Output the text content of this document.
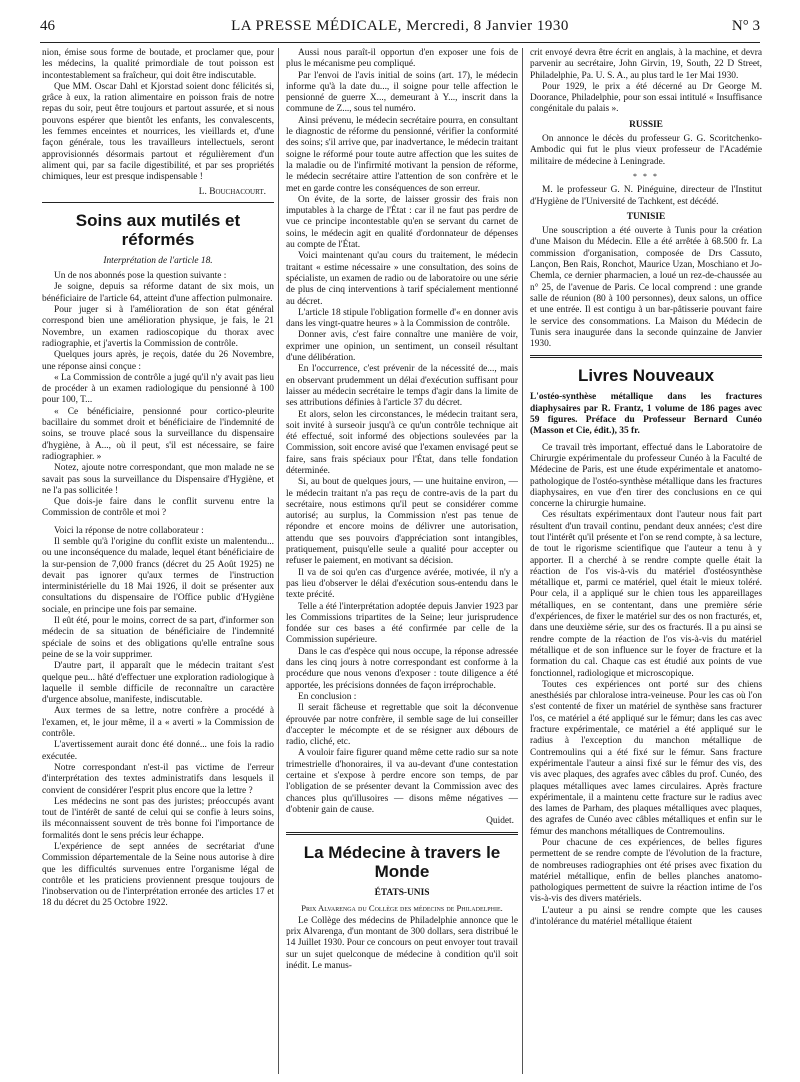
46	LA PRESSE MÉDICALE, Mercredi, 8 Janvier 1930	N° 3

nion, émise sous forme de boutade, et proclamer que, pour les médecins, la qualité primordiale de tout poisson est incontestablement sa fraîcheur, qui doit être indiscutable.

Que MM. Oscar Dahl et Kjorstad soient donc félicités si, grâce à eux, la ration alimentaire en poisson frais de notre repas du soir, peut être toujours et partout assurée, et si nous pouvons espérer que bientôt les enfants, les convalescents, les femmes enceintes et nourrices, les vieillards et, d'une façon générale, tous les travailleurs intellectuels, seront approvisionnés désormais partout et régulièrement d'un aliment qui, par sa facile digestibilité, et par ses propriétés chimiques, leur est presque indispensable !

L. Bouchacourt.
Soins aux mutilés et réformés
Interprétation de l'article 18.

Un de nos abonnés pose la question suivante :

Je soigne, depuis sa réforme datant de six mois, un bénéficiaire de l'article 64, atteint d'une affection pulmonaire.

Pour juger si à l'amélioration de son état général correspond bien une amélioration physique, je fais, le 21 Novembre, un examen radioscopique du thorax avec radiographie, et j'avertis la Commission de contrôle.

Quelques jours après, je reçois, datée du 26 Novembre, une réponse ainsi conçue :

« La Commission de contrôle a jugé qu'il n'y avait pas lieu de procéder à un examen radiologique du pensionné à 100 pour 100, T...

« Ce bénéficiaire, pensionné pour cortico-pleurite bacillaire du sommet droit et bénéficiaire de l'indemnité de soins, se trouve placé sous la surveillance du dispensaire d'hygiène, à A..., où il peut, s'il est nécessaire, se faire radiographier. »

Notez, ajoute notre correspondant, que mon malade ne se savait pas sous la surveillance du Dispensaire d'Hygiène, et ne l'a pas sollicitée !

Que dois-je faire dans le conflit survenu entre la Commission de contrôle et moi ?

Voici la réponse de notre collaborateur :

Il semble qu'à l'origine du conflit existe un malentendu... ou une inconséquence du malade, lequel étant bénéficiaire de la sur-pension de 7,000 francs (décret du 25 Août 1925) ne devait pas ignorer qu'aux termes de l'instruction interministérielle du 18 Mai 1926, il doit se présenter aux consultations du dispensaire de l'Office public d'Hygiène sociale, en principe une fois par semaine.

Il eût été, pour le moins, correct de sa part, d'informer son médecin de sa situation de bénéficiaire de l'indemnité spéciale de soins et des obligations qu'elle entraîne sous peine de se la voir supprimer.

D'autre part, il apparaît que le médecin traitant s'est quelque peu... hâté d'effectuer une exploration radiologique à laquelle il semble difficile de reconnaître un caractère d'urgence absolue, manifeste, indiscutable.

Aux termes de sa lettre, notre confrère a procédé à l'examen, et, le jour même, il a « averti » la Commission de contrôle.

L'avertissement aurait donc été donné... une fois la radio exécutée.

Notre correspondant n'est-il pas victime de l'erreur d'interprétation des textes administratifs dans lesquels il convient de considérer l'esprit plus encore que la lettre ?

Les médecins ne sont pas des juristes; préoccupés avant tout de l'intérêt de santé de celui qui se confie à leurs soins, ils méconnaissent souvent de très bonne foi l'importance de formalités dont le sens précis leur échappe.

L'expérience de sept années de secrétariat d'une Commission départementale de la Seine nous autorise à dire que les difficultés survenues entre l'organisme légal de contrôle et les praticiens proviennent presque toujours de l'inobservation ou de l'interprétation erronée des articles 17 et 18 du décret du 25 Octobre 1922.

Aussi nous paraît-il opportun d'en exposer une fois de plus le mécanisme peu compliqué.

Par l'envoi de l'avis initial de soins (art. 17), le médecin informe qu'à la date du..., il soigne pour telle affection le pensionné de guerre X..., demeurant à Y..., inscrit dans la commune de Z..., sous tel numéro.

Ainsi prévenu, le médecin secrétaire pourra, en consultant le diagnostic de réforme du pensionné, vérifier la conformité des soins; s'il arrive que, par inadvertance, le médecin traitant soigne le réformé pour toute autre affection que les suites de la maladie ou de l'infirmité motivant la pension de réforme, le médecin secrétaire attire l'attention de son confrère et le met en garde contre les conséquences de son erreur.

On évite, de la sorte, de laisser grossir des frais non imputables à la charge de l'État : car il ne faut pas perdre de vue ce principe incontestable qu'en se servant du carnet de soins, le médecin agit en qualité d'ordonnateur de dépenses au compte de l'État.

Voici maintenant qu'au cours du traitement, le médecin traitant « estime nécessaire » une consultation, des soins de spécialiste, un examen de radio ou de laboratoire ou une série de plus de cinq interventions à tarif spécialement mentionné au décret.

L'article 18 stipule l'obligation formelle d'« en donner avis dans les vingt-quatre heures » à la Commission de contrôle.

Donner avis, c'est faire connaître une manière de voir, exprimer une opinion, un sentiment, un conseil résultant d'une délibération.

En l'occurrence, c'est prévenir de la nécessité de..., mais en observant prudemment un délai d'exécution suffisant pour laisser au médecin secrétaire le temps d'agir dans la limite de ses attributions définies à l'article 37 du décret.

Et alors, selon les circonstances, le médecin traitant sera, soit invité à surseoir jusqu'à ce qu'un contrôle technique ait été effectué, soit informé des objections soulevées par la Commission, soit encore avisé que l'examen envisagé peut se faire, sans frais spéciaux pour l'État, dans telle fondation déterminée.

Si, au bout de quelques jours, — une huitaine environ, — le médecin traitant n'a pas reçu de contre-avis de la part du secrétaire, nous estimons qu'il peut se considérer comme autorisé; au surplus, la Commission n'est pas tenue de répondre et encore moins de délivrer une autorisation, attendu que ses pouvoirs d'appréciation sont intangibles, pratiquement, puisqu'elle seule a qualité pour accepter ou refuser le paiement, en motivant sa décision.

Il va de soi qu'en cas d'urgence avérée, motivée, il n'y a pas lieu d'observer le délai d'exécution sous-entendu dans le texte précité.

Telle a été l'interprétation adoptée depuis Janvier 1923 par les Commissions tripartites de la Seine; leur jurisprudence fondée sur ces bases a été confirmée par celle de la Commission supérieure.

Dans le cas d'espèce qui nous occupe, la réponse adressée dans les cinq jours à notre correspondant est conforme à la procédure que nous venons d'exposer : toute diligence a été apportée, les précisions données de façon irréprochable.

En conclusion :

Il serait fâcheuse et regrettable que soit la déconvenue éprouvée par notre confrère, il semble sage de lui conseiller d'accepter le mécompte et de se résigner aux débours de radio, cliché, etc.

A vouloir faire figurer quand même cette radio sur sa note trimestrielle d'honoraires, il va au-devant d'une contestation certaine et s'expose à perdre encore son temps, de par l'obligation de se présenter devant la Commission avec des chances plus qu'illusoires — disons même négatives — d'obtenir gain de cause.

Quidet.
La Médecine à travers le Monde
ÉTATS-UNIS
Prix Alvarenga du Collège des médecins de Philadelphie.

Le Collège des médecins de Philadelphie annonce que le prix Alvarenga, d'un montant de 300 dollars, sera distribué le 14 Juillet 1930. Pour ce concours on peut envoyer tout travail sur un sujet quelconque de médecine à condition qu'il soit inédit. Le manus-

crit envoyé devra être écrit en anglais, à la machine, et devra parvenir au secrétaire, John Girvin, 19, South, 22 D Street, Philadelphie, Pa. U. S. A., au plus tard le 1er Mai 1930.

Pour 1929, le prix a été décerné au Dr George M. Doorance, Philadelphie, pour son essai intitulé « Insuffisance congénitale du palais ».

RUSSIE

On annonce le décès du professeur G. G. Scoritchenko-Ambodic qui fut le plus vieux professeur de l'Académie militaire de médecine à Leningrade.

* * *

M. le professeur G. N. Pinéguine, directeur de l'Institut d'Hygiène de l'Université de Tachkent, est décédé.

TUNISIE

Une souscription a été ouverte à Tunis pour la création d'une Maison du Médecin. Elle a été arrêtée à 68.500 fr. La commission d'organisation, composée de Drs Cassuto, Lançon, Ben Rais, Ronchot, Maurice Uzan, Moschiano et Jo-Chemla, ce dernier pharmacien, a loué un rez-de-chaussée au n° 25, de l'avenue de Paris. Ce local comprend : une grande salle de réunion (80 à 100 personnes), deux salons, un office et une entrée. Il est contigu à un bar-pâtisserie pouvant faire le service des consommations. La Maison du Médecin de Tunis sera inaugurée dans la seconde quinzaine de Janvier 1930.

Livres Nouveaux

L'ostéo-synthèse métallique dans les fractures diaphysaires par R. Frantz, 1 volume de 186 pages avec 59 figures. Préface du Professeur Bernard Cunéo (Masson et Cie, édit.), 35 fr.

Ce travail très important, effectué dans le Laboratoire de Chirurgie expérimentale du professeur Cunéo à la Faculté de Médecine de Paris, est une étude expérimentale et anatomo-pathologique de l'ostéo-synthèse métallique dans les fractures diaphysaires, en vue d'en tirer des conclusions en ce qui concerne la chirurgie humaine.

Ces résultats expérimentaux dont l'auteur nous fait part résultent d'un travail continu, pendant deux années; c'est dire tout l'intérêt qu'il présente et l'on se rend compte, à sa lecture, de tout le rigorisme scientifique que l'auteur a tenu à y apporter. Il a cherché à se rendre compte quelle était la réaction de l'os vis-à-vis du matériel d'ostéosynthèse métallique et, parmi ce matériel, quel était le mieux toléré. Pour cela, il a appliqué sur le chien tous les appareillages métalliques, en se contentant, dans une première série d'expériences, de fixer le matériel sur des os non fracturés, et, dans une deuxième série, sur des os fracturés. Il a pu ainsi se rendre compte de la réaction de l'os vis-à-vis du matériel métallique et de son influence sur le foyer de fracture et la formation du cal. Chaque cas est étudié aux points de vue fonctionnel, radiologique et microscopique.

Toutes ces expériences ont porté sur des chiens anesthésiés par chloralose intra-veineuse. Pour les cas où l'on s'est contenté de fixer un matériel de synthèse sans fracturer l'os, ce matériel a été appliqué sur le fémur; dans les cas avec fracture expérimentale, ce matériel a été appliqué sur le radius à l'exception du manchon métallique de Contremoulins qui a été fixé sur le fémur. Sans fracture expérimentale l'auteur a ainsi fixé sur le fémur des vis, des vis avec plaques, des agrafes avec câbles du prof. Cunéo, des plaques métalliques avec lames circulaires. Après fracture expérimentale, il a maintenu cette fracture sur le radius avec des lames de Parham, des plaques métalliques avec plaques, des agrafes de Cunéo avec câbles métalliques et enfin sur le fémur des manchons métalliques de Contremoulins.

Pour chacune de ces expériences, de belles figures permettent de se rendre compte de l'évolution de la fracture, de nombreuses radiographies ont été prises avec fixation du matériel métallique, enfin de belles planches anatomo-pathologiques permettent de suivre la réaction intime de l'os vis-à-vis des divers matériels.

L'auteur a pu ainsi se rendre compte que les causes d'intolérance du matériel métallique étaient
